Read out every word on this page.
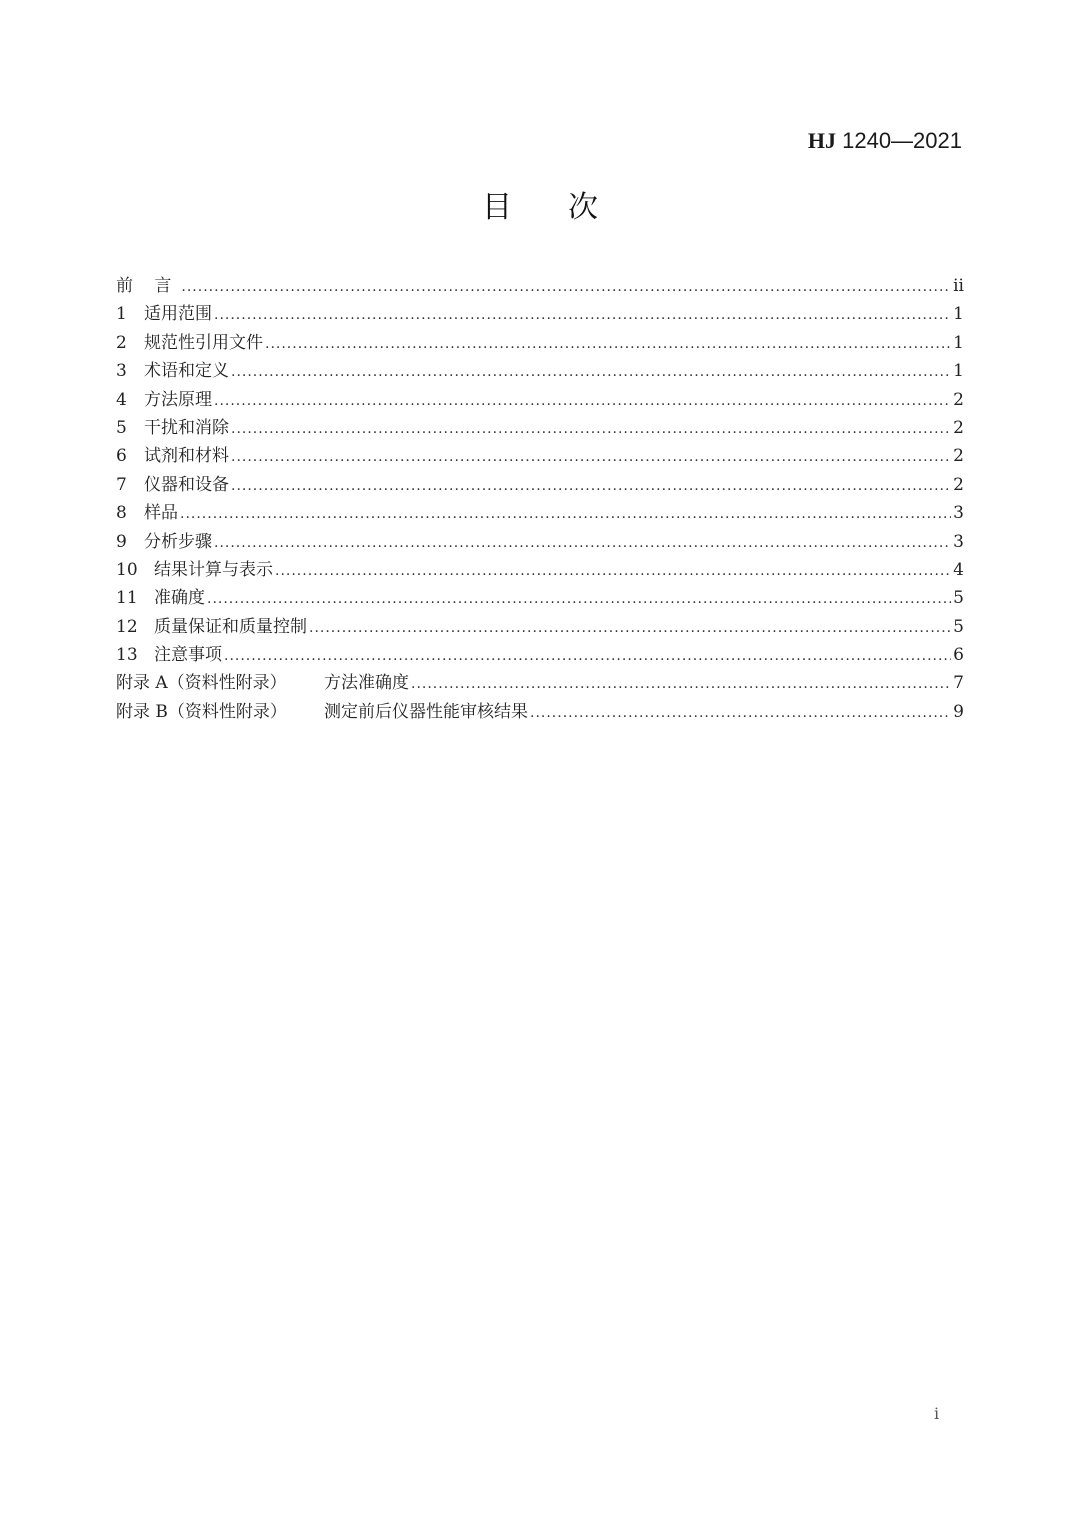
HJ 1240—2021
目次
前 言 .....	ii
1	适用范围 .....	1
2	规范性引用文件 .....	1
3	术语和定义 .....	1
4	方法原理 .....	2
5	干扰和消除 .....	2
6	试剂和材料 .....	2
7	仪器和设备 .....	2
8	样品 .....	3
9	分析步骤 .....	3
10 结果计算与表示 .....	4
11 准确度 .....	5
12 质量保证和质量控制 .....	5
13 注意事项 .....	6
附录 A（资料性附录）	方法准确度 .....	7
附录 B（资料性附录）	测定前后仪器性能审核结果 .....	9
i
